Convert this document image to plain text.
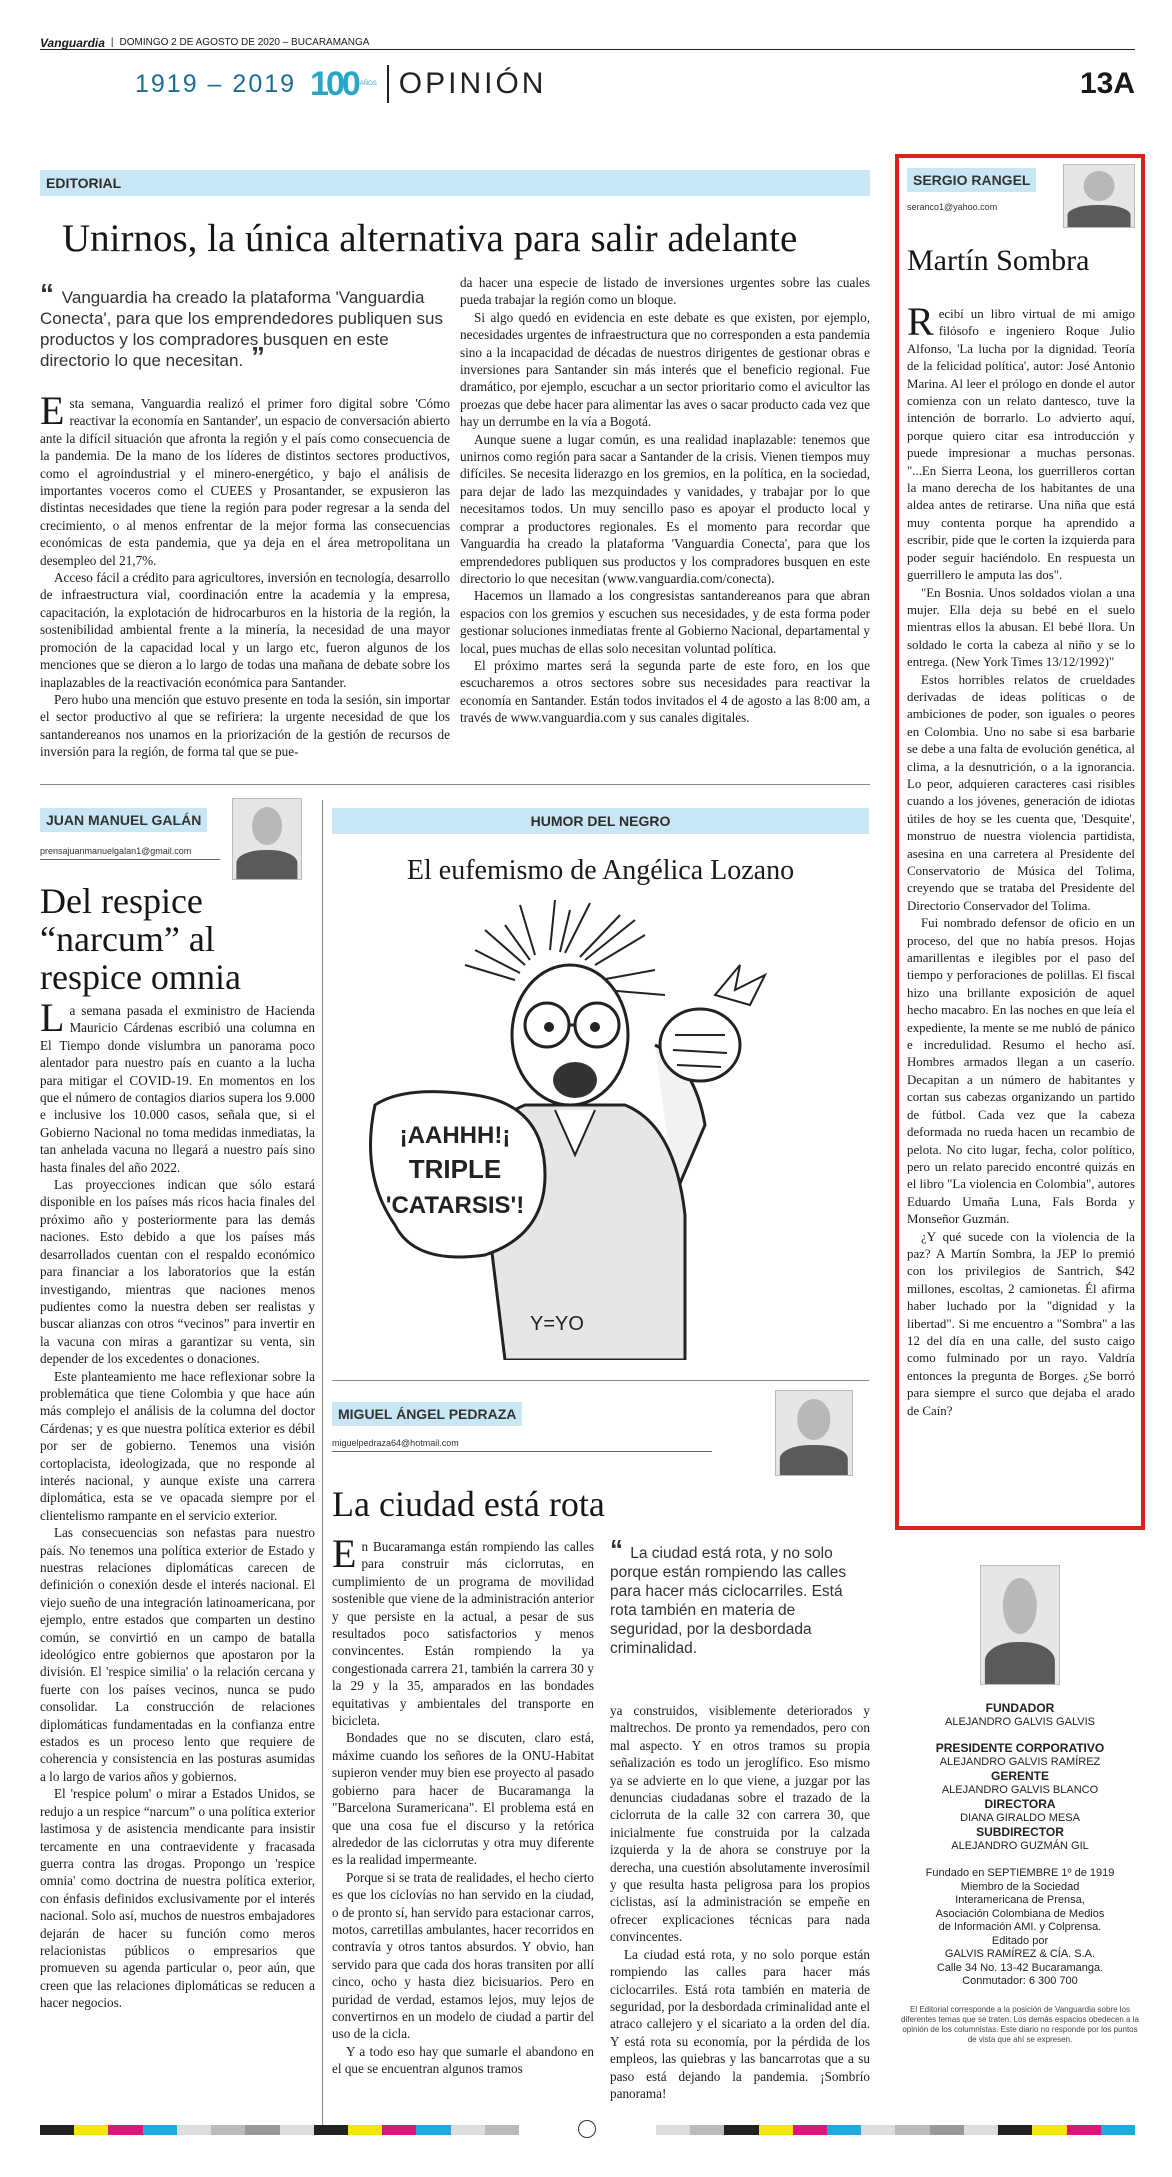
Vanguardia | DOMINGO 2 DE AGOSTO DE 2020 – BUCARAMANGA
1919 – 2019 100 AÑOS OPINIÓN	13A
EDITORIAL
Unirnos, la única alternativa para salir adelante
“ Vanguardia ha creado la plataforma 'Vanguardia Conecta', para que los emprendedores publiquen sus productos y los compradores busquen en este directorio lo que necesitan. ”

Esta semana, Vanguardia realizó el primer foro digital sobre 'Cómo reactivar la economía en Santander', un espacio de conversación abierto ante la difícil situación que afronta la región y el país como consecuencia de la pandemia. De la mano de los líderes de distintos sectores productivos, como el agroindustrial y el minero-energético, y bajo el análisis de importantes voceros como el CUEES y Prosantander, se expusieron las distintas necesidades que tiene la región para poder regresar a la senda del crecimiento, o al menos enfrentar de la mejor forma las consecuencias económicas de esta pandemia, que ya deja en el área metropolitana un desempleo del 21,7%.

Acceso fácil a crédito para agricultores, inversión en tecnología, desarrollo de infraestructura vial, coordinación entre la academia y la empresa, capacitación, la explotación de hidrocarburos en la historia de la región, la sostenibilidad ambiental frente a la minería, la necesidad de una mayor promoción de la capacidad local y un largo etc, fueron algunos de los menciones que se dieron a lo largo de todas una mañana de debate sobre los inaplazables de la reactivación económica para Santander.

Pero hubo una mención que estuvo presente en toda la sesión, sin importar el sector productivo al que se refiriera: la urgente necesidad de que los santandereanos nos unamos en la priorización de la gestión de recursos de inversión para la región, de forma tal que se pue-

da hacer una especie de listado de inversiones urgentes sobre las cuales pueda trabajar la región como un bloque.

Si algo quedó en evidencia en este debate es que existen, por ejemplo, necesidades urgentes de infraestructura que no corresponden a esta pandemia sino a la incapacidad de décadas de nuestros dirigentes de gestionar obras e inversiones para Santander sin más interés que el beneficio regional. Fue dramático, por ejemplo, escuchar a un sector prioritario como el avicultor las proezas que debe hacer para alimentar las aves o sacar producto cada vez que hay un derrumbe en la vía a Bogotá.

Aunque suene a lugar común, es una realidad inaplazable: tenemos que unirnos como región para sacar a Santander de la crisis. Vienen tiempos muy difíciles. Se necesita liderazgo en los gremios, en la política, en la sociedad, para dejar de lado las mezquindades y vanidades, y trabajar por lo que necesitamos todos. Un muy sencillo paso es apoyar el producto local y comprar a productores regionales. Es el momento para recordar que Vanguardia ha creado la plataforma 'Vanguardia Conecta', para que los emprendedores publiquen sus productos y los compradores busquen en este directorio lo que necesitan (www.vanguardia.com/conecta).

Hacemos un llamado a los congresistas santandereanos para que abran espacios con los gremios y escuchen sus necesidades, y de esta forma poder gestionar soluciones inmediatas frente al Gobierno Nacional, departamental y local, pues muchas de ellas solo necesitan voluntad política.

El próximo martes será la segunda parte de este foro, en los que escucharemos a otros sectores sobre sus necesidades para reactivar la economía en Santander. Están todos invitados el 4 de agosto a las 8:00 am, a través de www.vanguardia.com y sus canales digitales.

JUAN MANUEL GALÁN
prensajuanmanuelgalan1@gmail.com
Del respice “narcum” al respice omnia

La semana pasada el exministro de Hacienda Mauricio Cárdenas escribió una columna en El Tiempo donde vislumbra un panorama poco alentador para nuestro país en cuanto a la lucha para mitigar el COVID-19. En momentos en los que el número de contagios diarios supera los 9.000 e inclusive los 10.000 casos, señala que, si el Gobierno Nacional no toma medidas inmediatas, la tan anhelada vacuna no llegará a nuestro país sino hasta finales del año 2022.

Las proyecciones indican que sólo estará disponible en los países más ricos hacia finales del próximo año y posteriormente para las demás naciones. Esto debido a que los países más desarrollados cuentan con el respaldo económico para financiar a los laboratorios que la están investigando, mientras que naciones menos pudientes como la nuestra deben ser realistas y buscar alianzas con otros “vecinos” para invertir en la vacuna con miras a garantizar su venta, sin depender de los excedentes o donaciones.

Este planteamiento me hace reflexionar sobre la problemática que tiene Colombia y que hace aún más complejo el análisis de la columna del doctor Cárdenas; y es que nuestra política exterior es débil por ser de gobierno. Tenemos una visión cortoplacista, ideologizada, que no responde al interés nacional, y aunque existe una carrera diplomática, esta se ve opacada siempre por el clientelismo rampante en el servicio exterior.

Las consecuencias son nefastas para nuestro país. No tenemos una política exterior de Estado y nuestras relaciones diplomáticas carecen de definición o conexión desde el interés nacional. El viejo sueño de una integración latinoamericana, por ejemplo, entre estados que comparten un destino común, se convirtió en un campo de batalla ideológico entre gobiernos que apostaron por la división. El 'respice similia' o la relación cercana y fuerte con los países vecinos, nunca se pudo consolidar. La construcción de relaciones diplomáticas fundamentadas en la confianza entre estados es un proceso lento que requiere de coherencia y consistencia en las posturas asumidas a lo largo de varios años y gobiernos.

El 'respice polum' o mirar a Estados Unidos, se redujo a un respice “narcum” o una política exterior lastimosa y de asistencia mendicante para insistir tercamente en una contraevidente y fracasada guerra contra las drogas. Propongo un 'respice omnia' como doctrina de nuestra política exterior, con énfasis definidos exclusivamente por el interés nacional. Solo así, muchos de nuestros embajadores dejarán de hacer su función como meros relacionistas públicos o empresarios que promueven su agenda particular o, peor aún, que creen que las relaciones diplomáticas se reducen a hacer negocios.

HUMOR DEL NEGRO
El eufemismo de Angélica Lozano
¡AAHHH!¡
TRIPLE
'CATARSIS'!
Y=YO
MIGUEL ÁNGEL PEDRAZA
miguelpedraza64@hotmail.com
La ciudad está rota

En Bucaramanga están rompiendo las calles para construir más ciclorrutas, en cumplimiento de un programa de movilidad sostenible que viene de la administración anterior y que persiste en la actual, a pesar de sus resultados poco satisfactorios y menos convincentes. Están rompiendo la ya congestionada carrera 21, también la carrera 30 y la 29 y la 35, amparados en las bondades equitativas y ambientales del transporte en bicicleta.

Bondades que no se discuten, claro está, máxime cuando los señores de la ONU-Habitat supieron vender muy bien ese proyecto al pasado gobierno para hacer de Bucaramanga la "Barcelona Suramericana". El problema está en que una cosa fue el discurso y la retórica alrededor de las ciclorrutas y otra muy diferente es la realidad impermeante.

Porque si se trata de realidades, el hecho cierto es que los ciclovías no han servido en la ciudad, o de pronto sí, han servido para estacionar carros, motos, carretillas ambulantes, hacer recorridos en contravía y otros tantos absurdos. Y obvio, han servido para que cada dos horas transiten por allí cinco, ocho y hasta diez bicisuarios. Pero en puridad de verdad, estamos lejos, muy lejos de convertirnos en un modelo de ciudad a partir del uso de la cicla.

Y a todo eso hay que sumarle el abandono en el que se encuentran algunos tramos

“ La ciudad está rota, y no solo porque están rompiendo las calles para hacer más ciclocarriles. Está rota también en materia de seguridad, por la desbordada criminalidad.

ya construidos, visiblemente deteriorados y maltrechos. De pronto ya remendados, pero con mal aspecto. Y en otros tramos su propia señalización es todo un jeroglífico. Eso mismo ya se advierte en lo que viene, a juzgar por las denuncias ciudadanas sobre el trazado de la ciclorruta de la calle 32 con carrera 30, que inicialmente fue construida por la calzada izquierda y la de ahora se construye por la derecha, una cuestión absolutamente inverosímil y que resulta hasta peligrosa para los propios ciclistas, así la administración se empeñe en ofrecer explicaciones técnicas para nada convincentes.

La ciudad está rota, y no solo porque están rompiendo las calles para hacer más ciclocarriles. Está rota también en materia de seguridad, por la desbordada criminalidad ante el atraco callejero y el sicariato a la orden del día. Y está rota su economía, por la pérdida de los empleos, las quiebras y las bancarrotas que a su paso está dejando la pandemia. ¡Sombrío panorama!

SERGIO RANGEL
seranco1@yahoo.com
Martín Sombra

Recibí un libro virtual de mi amigo filósofo e ingeniero Roque Julio Alfonso, 'La lucha por la dignidad. Teoría de la felicidad política', autor: José Antonio Marina. Al leer el prólogo en donde el autor comienza con un relato dantesco, tuve la intención de borrarlo. Lo advierto aquí, porque quiero citar esa introducción y puede impresionar a muchas personas. "...En Sierra Leona, los guerrilleros cortan la mano derecha de los habitantes de una aldea antes de retirarse. Una niña que está muy contenta porque ha aprendido a escribir, pide que le corten la izquierda para poder seguir haciéndolo. En respuesta un guerrillero le amputa las dos".

"En Bosnia. Unos soldados violan a una mujer. Ella deja su bebé en el suelo mientras ellos la abusan. El bebé llora. Un soldado le corta la cabeza al niño y se lo entrega. (New York Times 13/12/1992)"

Estos horribles relatos de crueldades derivadas de ideas políticas o de ambiciones de poder, son iguales o peores en Colombia. Uno no sabe si esa barbarie se debe a una falta de evolución genética, al clima, a la desnutrición, o a la ignorancia. Lo peor, adquieren caracteres casi risibles cuando a los jóvenes, generación de idiotas útiles de hoy se les cuenta que, 'Desquite', monstruo de nuestra violencia partidista, asesina en una carretera al Presidente del Conservatorio de Música del Tolima, creyendo que se trataba del Presidente del Directorio Conservador del Tolima.

Fui nombrado defensor de oficio en un proceso, del que no había presos. Hojas amarillentas e ilegibles por el paso del tiempo y perforaciones de polillas. El fiscal hizo una brillante exposición de aquel hecho macabro. En las noches en que leía el expediente, la mente se me nubló de pánico e incredulidad. Resumo el hecho así. Hombres armados llegan a un caserío. Decapitan a un número de habitantes y cortan sus cabezas organizando un partido de fútbol. Cada vez que la cabeza deformada no rueda hacen un recambio de pelota. No cito lugar, fecha, color político, pero un relato parecido encontré quizás en el libro "La violencia en Colombia", autores Eduardo Umaña Luna, Fals Borda y Monseñor Guzmán.

¿Y qué sucede con la violencia de la paz? A Martín Sombra, la JEP lo premió con los privilegios de Santrich, $42 millones, escoltas, 2 camionetas. Él afirma haber luchado por la "dignidad y la libertad". Si me encuentro a "Sombra" a las 12 del día en una calle, del susto caigo como fulminado por un rayo. Valdría entonces la pregunta de Borges. ¿Se borró para siempre el surco que dejaba el arado de Caín?

FUNDADOR
ALEJANDRO GALVIS GALVIS
PRESIDENTE CORPORATIVO
ALEJANDRO GALVIS RAMÍREZ
GERENTE
ALEJANDRO GALVIS BLANCO
DIRECTORA
DIANA GIRALDO MESA
SUBDIRECTOR
ALEJANDRO GUZMÁN GIL
Fundado en SEPTIEMBRE 1º de 1919
Miembro de la Sociedad
Interamericana de Prensa,
Asociación Colombiana de Medios
de Información AMI. y Colprensa.
Editado por
GALVIS RAMÍREZ & CÍA. S.A.
Calle 34 No. 13-42 Bucaramanga.
Conmutador: 6 300 700
El Editorial corresponde a la posición de Vanguardia sobre los diferentes temas que se traten. Los demás espacios obedecen a la opinión de los columnistas. Este diario no responde por los puntos de vista que ahí se expresen.
